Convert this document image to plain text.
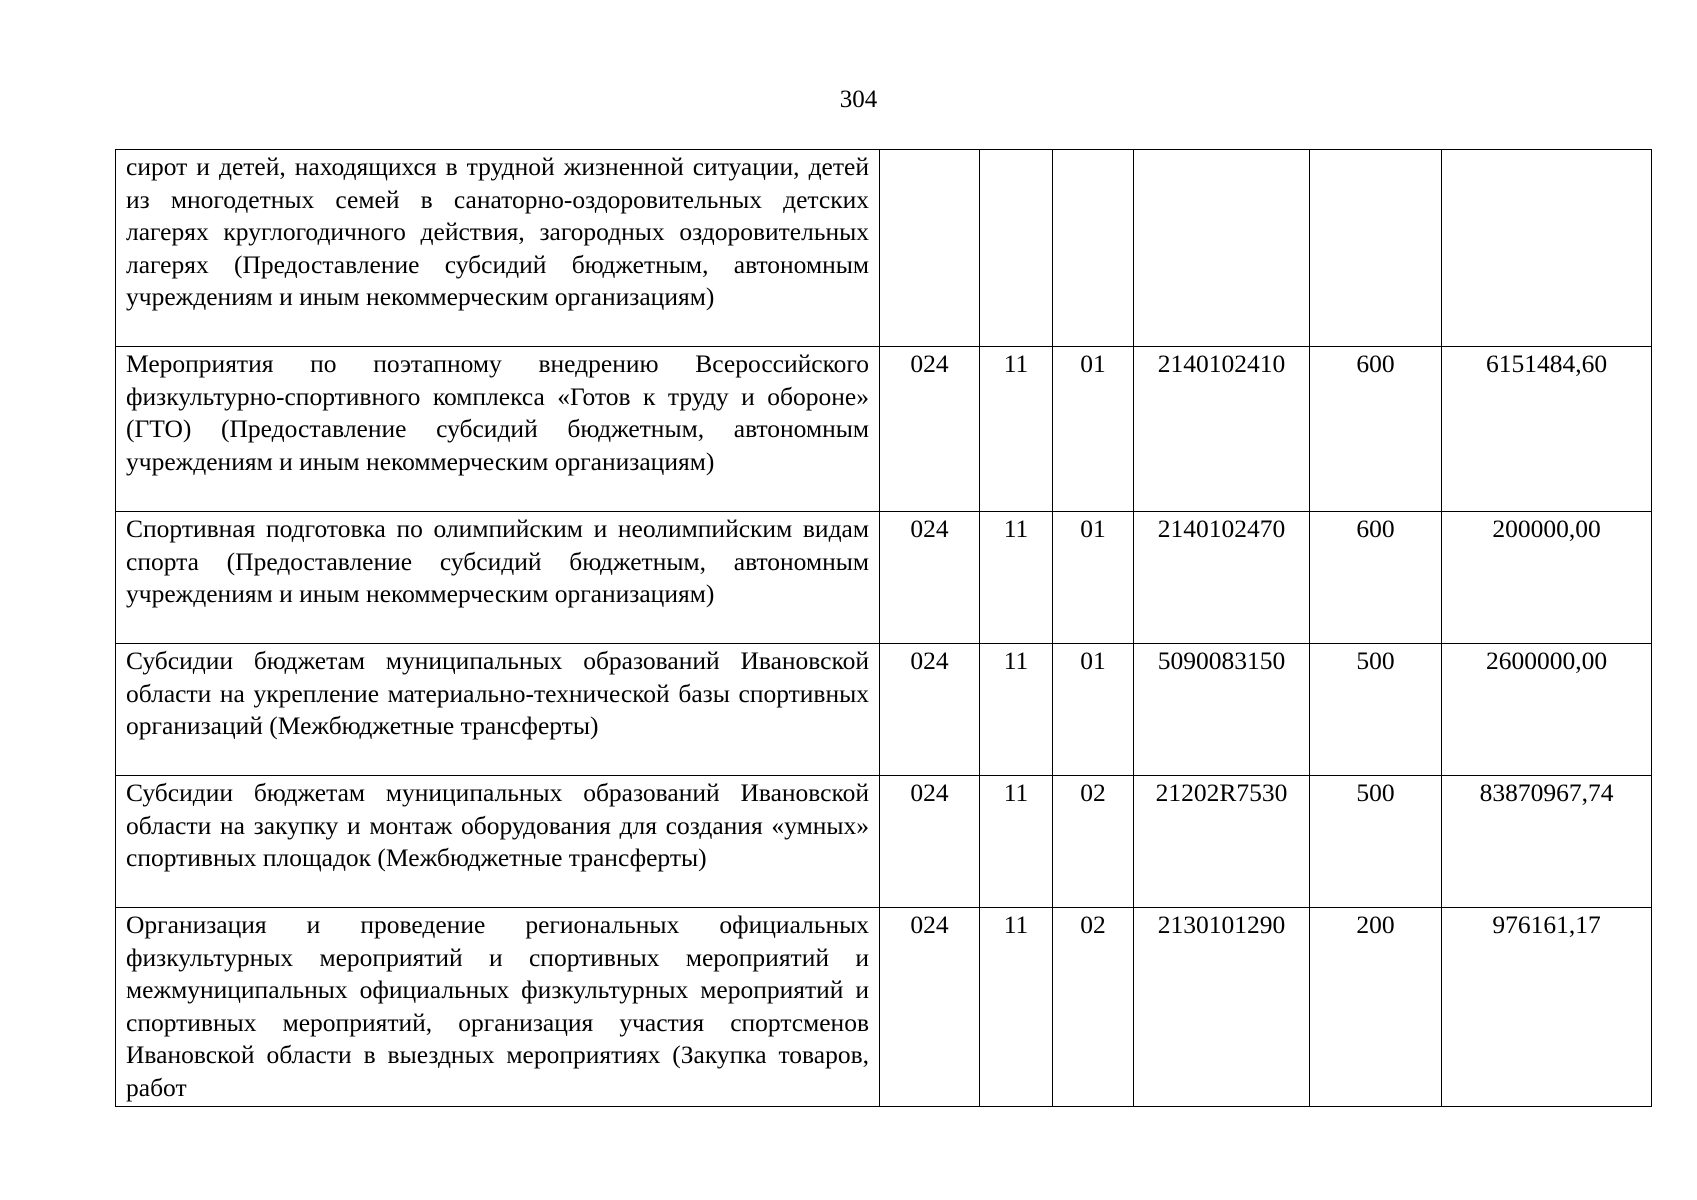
304
сирот и детей, находящихся в трудной жизненной ситуации, детей из многодетных семей в санаторно-оздоровительных детских лагерях круглогодичного действия, загородных оздоровительных лагерях (Предоставление субсидий бюджетным, автономным учреждениям и иным некоммерческим организациям)						
Мероприятия по поэтапному внедрению Всероссийского физкультурно-спортивного комплекса «Готов к труду и обороне» (ГТО) (Предоставление субсидий бюджетным, автономным учреждениям и иным некоммерческим организациям)	024	11	01	2140102410	600	6151484,60
Спортивная подготовка по олимпийским и неолимпийским видам спорта (Предоставление субсидий бюджетным, автономным учреждениям и иным некоммерческим организациям)	024	11	01	2140102470	600	200000,00
Субсидии бюджетам муниципальных образований Ивановской области на укрепление материально-технической базы спортивных организаций (Межбюджетные трансферты)	024	11	01	5090083150	500	2600000,00
Субсидии бюджетам муниципальных образований Ивановской области на закупку и монтаж оборудования для создания «умных» спортивных площадок (Межбюджетные трансферты)	024	11	02	21202R7530	500	83870967,74
Организация и проведение региональных официальных физкультурных мероприятий и спортивных мероприятий и межмуниципальных официальных физкультурных мероприятий и спортивных мероприятий, организация участия спортсменов Ивановской области в выездных мероприятиях (Закупка товаров, работ	024	11	02	2130101290	200	976161,17
